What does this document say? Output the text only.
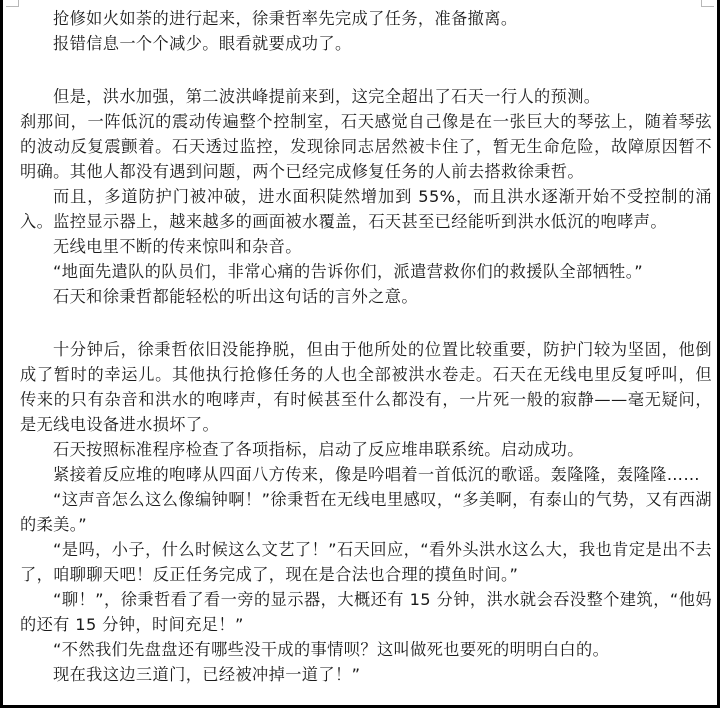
抢修如火如荼的进行起来，徐秉哲率先完成了任务，准备撤离。

报错信息一个个减少。眼看就要成功了。

但是，洪水加强，第二波洪峰提前来到，这完全超出了石天一行人的预测。

刹那间，一阵低沉的震动传遍整个控制室，石天感觉自己像是在一张巨大的琴弦上，随着琴弦的波动反复震颤着。石天透过监控，发现徐同志居然被卡住了，暂无生命危险，故障原因暂不明确。其他人都没有遇到问题，两个已经完成修复任务的人前去搭救徐秉哲。

而且，多道防护门被冲破，进水面积陡然增加到 55%，而且洪水逐渐开始不受控制的涌入。监控显示器上，越来越多的画面被水覆盖，石天甚至已经能听到洪水低沉的咆哮声。

无线电里不断的传来惊叫和杂音。

“地面先遣队的队员们，非常心痛的告诉你们，派遣营救你们的救援队全部牺牲。”

石天和徐秉哲都能轻松的听出这句话的言外之意。

十分钟后，徐秉哲依旧没能挣脱，但由于他所处的位置比较重要，防护门较为坚固，他倒成了暂时的幸运儿。其他执行抢修任务的人也全部被洪水卷走。石天在无线电里反复呼叫，但传来的只有杂音和洪水的咆哮声，有时候甚至什么都没有，一片死一般的寂静——毫无疑问，是无线电设备进水损坏了。

石天按照标准程序检查了各项指标，启动了反应堆串联系统。启动成功。

紧接着反应堆的咆哮从四面八方传来，像是吟唱着一首低沉的歌谣。轰隆隆，轰隆隆……

“这声音怎么这么像编钟啊！”徐秉哲在无线电里感叹，“多美啊，有泰山的气势，又有西湖的柔美。”

“是吗，小子，什么时候这么文艺了！”石天回应，“看外头洪水这么大，我也肯定是出不去了，咱聊聊天吧！反正任务完成了，现在是合法也合理的摸鱼时间。”

“聊！”，徐秉哲看了看一旁的显示器，大概还有 15 分钟，洪水就会吞没整个建筑，“他妈的还有 15 分钟，时间充足！”

“不然我们先盘盘还有哪些没干成的事情呗？这叫做死也要死的明明白白的。

现在我这边三道门，已经被冲掉一道了！”
